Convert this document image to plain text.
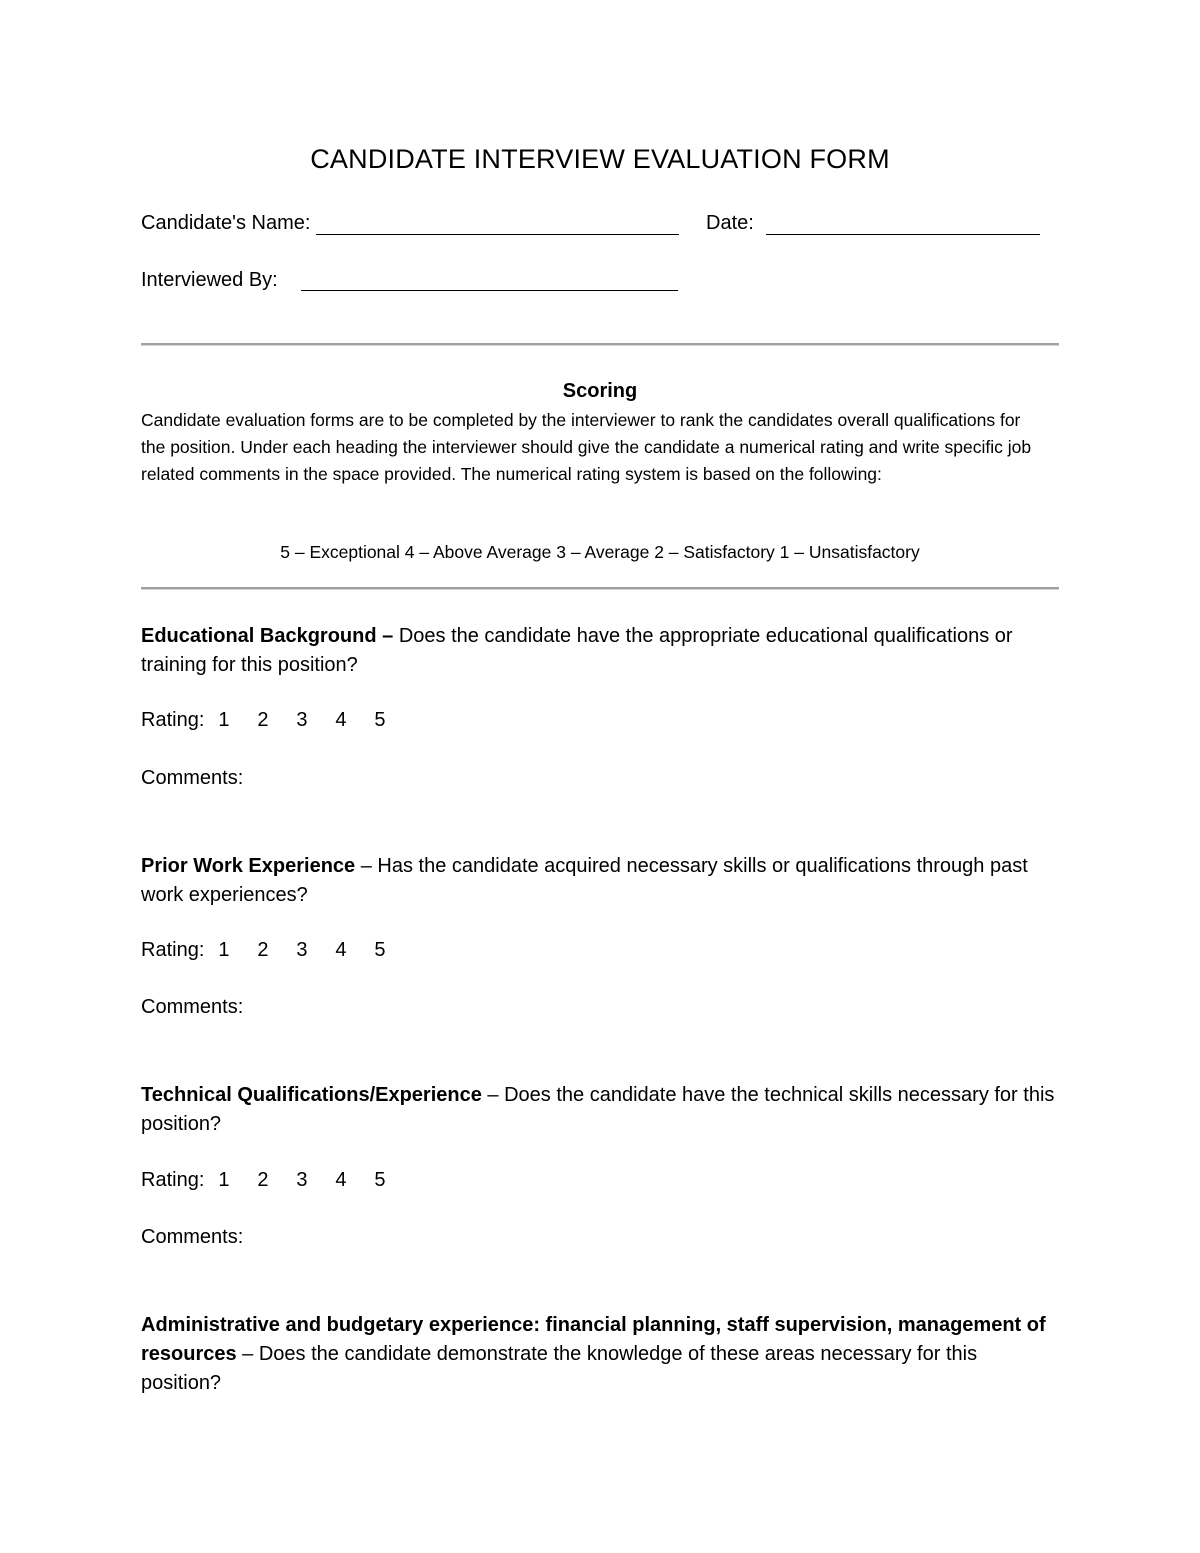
CANDIDATE INTERVIEW EVALUATION FORM
Candidate's Name:	Date:
Interviewed By:
Scoring
Candidate evaluation forms are to be completed by the interviewer to rank the candidates overall qualifications for the position. Under each heading the interviewer should give the candidate a numerical rating and write specific job related comments in the space provided. The numerical rating system is based on the following:
5 – Exceptional 4 – Above Average 3 – Average 2 – Satisfactory 1 – Unsatisfactory
Educational Background – Does the candidate have the appropriate educational qualifications or training for this position?
Rating: 1	2	3	4	5
Comments:
Prior Work Experience – Has the candidate acquired necessary skills or qualifications through past work experiences?
Rating: 1	2	3	4	5
Comments:
Technical Qualifications/Experience – Does the candidate have the technical skills necessary for this position?
Rating: 1	2	3	4	5
Comments:
Administrative and budgetary experience: financial planning, staff supervision, management of resources – Does the candidate demonstrate the knowledge of these areas necessary for this position?
